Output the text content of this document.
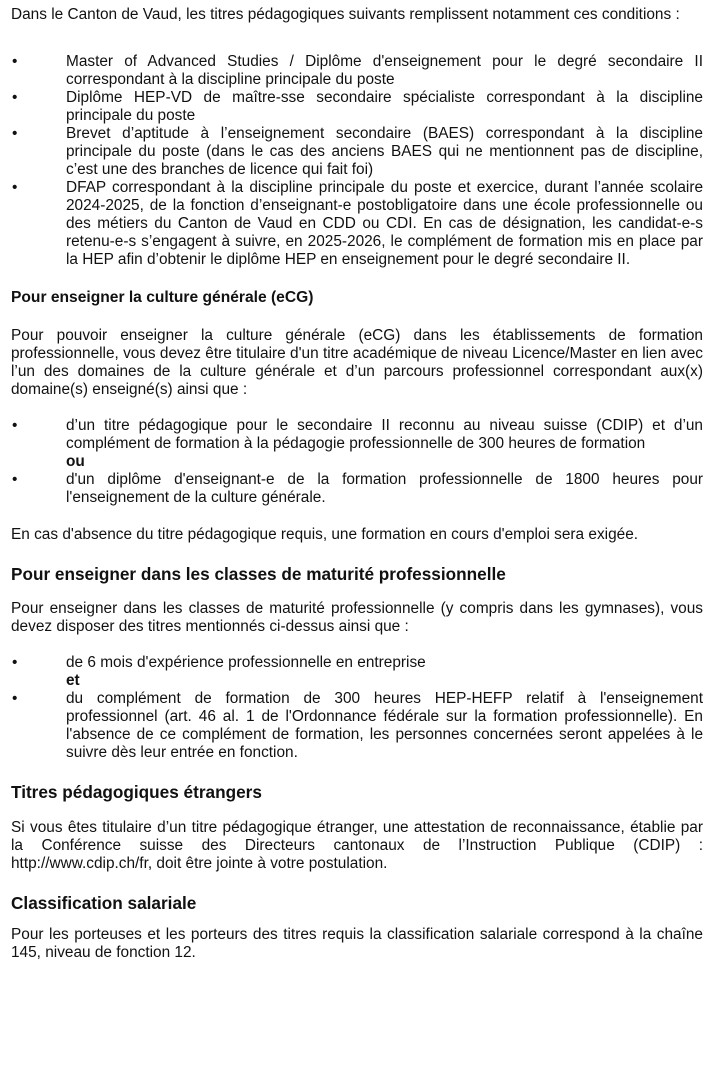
Dans le Canton de Vaud, les titres pédagogiques suivants remplissent notamment ces conditions :

•	Master of Advanced Studies / Diplôme d'enseignement pour le degré secondaire II correspondant à la discipline principale du poste
•	Diplôme HEP-VD de maître-sse secondaire spécialiste correspondant à la discipline principale du poste
•	Brevet d’aptitude à l’enseignement secondaire (BAES) correspondant à la discipline principale du poste (dans le cas des anciens BAES qui ne mentionnent pas de discipline, c’est une des branches de licence qui fait foi)
•	DFAP correspondant à la discipline principale du poste et exercice, durant l’année scolaire 2024-2025, de la fonction d’enseignant-e postobligatoire dans une école professionnelle ou des métiers du Canton de Vaud en CDD ou CDI. En cas de désignation, les candidat-e-s retenu-e-s s’engagent à suivre, en 2025-2026, le complément de formation mis en place par la HEP afin d’obtenir le diplôme HEP en enseignement pour le degré secondaire II.
Pour enseigner la culture générale (eCG)

Pour pouvoir enseigner la culture générale (eCG) dans les établissements de formation professionnelle, vous devez être titulaire d'un titre académique de niveau Licence/Master en lien avec l’un des domaines de la culture générale et d’un parcours professionnel correspondant aux(x) domaine(s) enseigné(s) ainsi que :

•	d’un titre pédagogique pour le secondaire II reconnu au niveau suisse (CDIP) et d’un complément de formation à la pédagogie professionnelle de 300 heures de formation
ou
•	d'un diplôme d'enseignant-e de la formation professionnelle de 1800 heures pour l'enseignement de la culture générale.

En cas d'absence du titre pédagogique requis, une formation en cours d'emploi sera exigée.

Pour enseigner dans les classes de maturité professionnelle

Pour enseigner dans les classes de maturité professionnelle (y compris dans les gymnases), vous devez disposer des titres mentionnés ci-dessus ainsi que :

•	de 6 mois d'expérience professionnelle en entreprise
et
•	du complément de formation de 300 heures HEP-HEFP relatif à l'enseignement professionnel (art. 46 al. 1 de l'Ordonnance fédérale sur la formation professionnelle). En l'absence de ce complément de formation, les personnes concernées seront appelées à le suivre dès leur entrée en fonction.
Titres pédagogiques étrangers

Si vous êtes titulaire d’un titre pédagogique étranger, une attestation de reconnaissance, établie par la Conférence suisse des Directeurs cantonaux de l’Instruction Publique (CDIP) : http://www.cdip.ch/fr, doit être jointe à votre postulation.

Classification salariale

Pour les porteuses et les porteurs des titres requis la classification salariale correspond à la chaîne 145, niveau de fonction 12.
